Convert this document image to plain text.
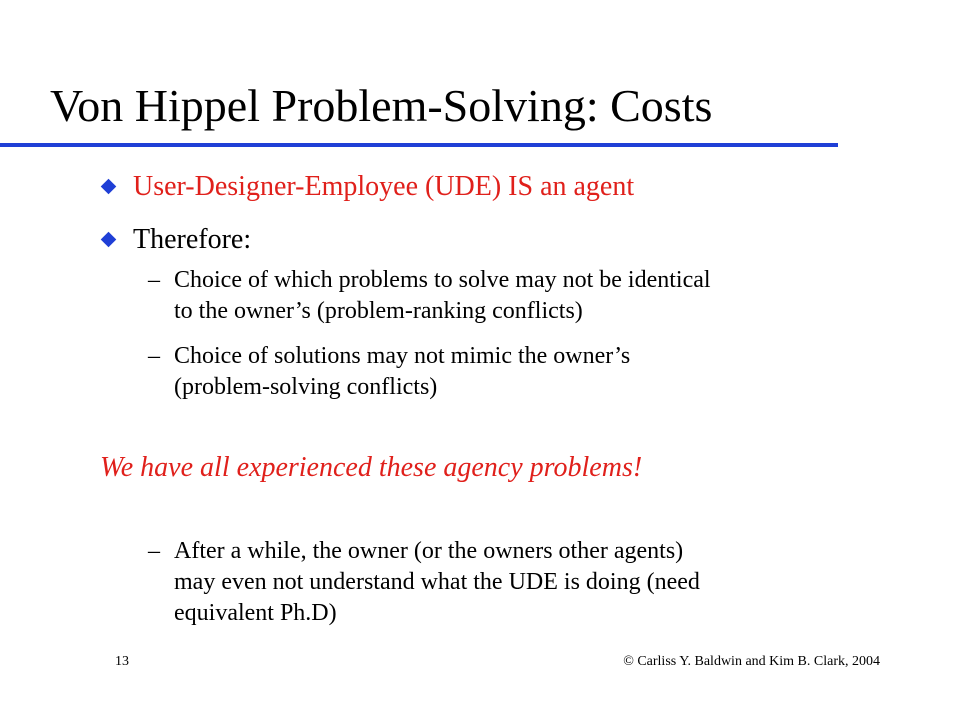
Von Hippel Problem-Solving: Costs
User-Designer-Employee (UDE) IS an agent
Therefore:
– Choice of which problems to solve may not be identical
to the owner’s (problem-ranking conflicts)
– Choice of solutions may not mimic the owner’s
(problem-solving conflicts)
We have all experienced these agency problems!
– After a while, the owner (or the owners other agents)
may even not understand what the UDE is doing (need
equivalent Ph.D)
13	© Carliss Y. Baldwin and Kim B. Clark, 2004
